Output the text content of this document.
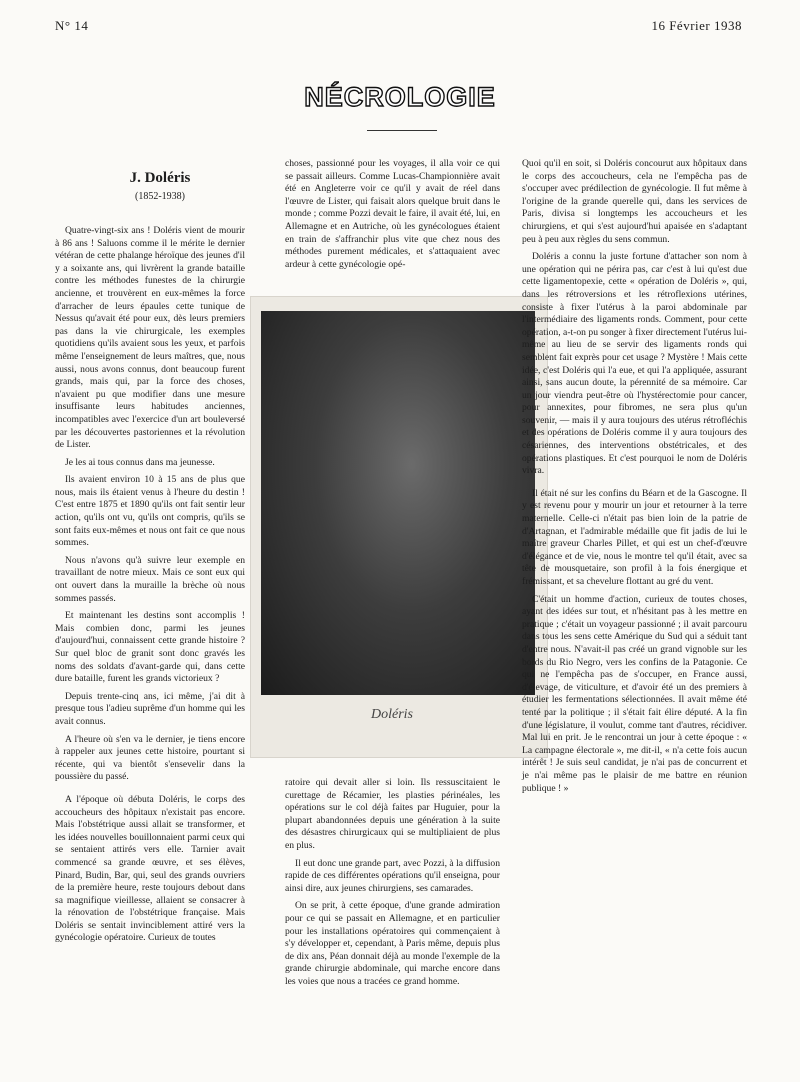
N° 14	16 Février 1938
NÉCROLOGIE
J. Doléris
(1852-1938)

Quatre-vingt-six ans ! Doléris vient de mourir à 86 ans ! Saluons comme il le mérite le dernier vétéran de cette phalange héroïque des jeunes d'il y a soixante ans, qui livrèrent la grande bataille contre les méthodes funestes de la chirurgie ancienne, et trouvèrent en eux-mêmes la force d'arracher de leurs épaules cette tunique de Nessus qu'avait été pour eux, dès leurs premiers pas dans la vie chirurgicale, les exemples quotidiens qu'ils avaient sous les yeux, et parfois même l'enseignement de leurs maîtres, que, nous aussi, nous avons connus, dont beaucoup furent grands, mais qui, par la force des choses, n'avaient pu que modifier dans une mesure insuffisante leurs habitudes anciennes, incompatibles avec l'exercice d'un art bouleversé par les découvertes pastoriennes et la révolution de Lister.

Je les ai tous connus dans ma jeunesse.

Ils avaient environ 10 à 15 ans de plus que nous, mais ils étaient venus à l'heure du destin ! C'est entre 1875 et 1890 qu'ils ont fait sentir leur action, qu'ils ont vu, qu'ils ont compris, qu'ils se sont faits eux-mêmes et nous ont fait ce que nous sommes.

Nous n'avons qu'à suivre leur exemple en travaillant de notre mieux. Mais ce sont eux qui ont ouvert dans la muraille la brèche où nous sommes passés.

Et maintenant les destins sont accomplis ! Mais combien donc, parmi les jeunes d'aujourd'hui, connaissent cette grande histoire ? Sur quel bloc de granit sont donc gravés les noms des soldats d'avant-garde qui, dans cette dure bataille, furent les grands victorieux ?

Depuis trente-cinq ans, ici même, j'ai dit à presque tous l'adieu suprême d'un homme qui les avait connus.

A l'heure où s'en va le dernier, je tiens encore à rappeler aux jeunes cette histoire, pourtant si récente, qui va bientôt s'ensevelir dans la poussière du passé.

A l'époque où débuta Doléris, le corps des accoucheurs des hôpitaux n'existait pas encore. Mais l'obstétrique aussi allait se transformer, et les idées nouvelles bouillonnaient parmi ceux qui se sentaient attirés vers elle. Tarnier avait commencé sa grande œuvre, et ses élèves, Pinard, Budin, Bar, qui, seul des grands ouvriers de la première heure, reste toujours debout dans sa magnifique vieillesse, allaient se consacrer à la rénovation de l'obstétrique française. Mais Doléris se sentait invinciblement attiré vers la gynécologie opératoire. Curieux de toutes

choses, passionné pour les voyages, il alla voir ce qui se passait ailleurs. Comme Lucas-Championnière avait été en Angleterre voir ce qu'il y avait de réel dans l'œuvre de Lister, qui faisait alors quelque bruit dans le monde ; comme Pozzi devait le faire, il avait été, lui, en Allemagne et en Autriche, où les gynécologues étaient en train de s'affranchir plus vite que chez nous des méthodes purement médicales, et s'attaquaient avec ardeur à cette gynécologie opé-

Doléris

ratoire qui devait aller si loin. Ils ressuscitaient le curettage de Récamier, les plasties périnéales, les opérations sur le col déjà faites par Huguier, pour la plupart abandonnées depuis une génération à la suite des désastres chirurgicaux qui se multipliaient de plus en plus.

Il eut donc une grande part, avec Pozzi, à la diffusion rapide de ces différentes opérations qu'il enseigna, pour ainsi dire, aux jeunes chirurgiens, ses camarades.

On se prit, à cette époque, d'une grande admiration pour ce qui se passait en Allemagne, et en particulier pour les installations opératoires qui commençaient à s'y développer et, cependant, à Paris même, depuis plus de dix ans, Péan donnait déjà au monde l'exemple de la grande chirurgie abdominale, qui marche encore dans les voies que nous a tracées ce grand homme.

Quoi qu'il en soit, si Doléris concourut aux hôpitaux dans le corps des accoucheurs, cela ne l'empêcha pas de s'occuper avec prédilection de gynécologie. Il fut même à l'origine de la grande querelle qui, dans les services de Paris, divisa si longtemps les accoucheurs et les chirurgiens, et qui s'est aujourd'hui apaisée en s'adaptant peu à peu aux règles du sens commun.

Doléris a connu la juste fortune d'attacher son nom à une opération qui ne périra pas, car c'est à lui qu'est due cette ligamentopexie, cette « opération de Doléris », qui, dans les rétroversions et les rétroflexions utérines, consiste à fixer l'utérus à la paroi abdominale par l'intermédiaire des ligaments ronds. Comment, pour cette opération, a-t-on pu songer à fixer directement l'utérus lui-même au lieu de se servir des ligaments ronds qui semblent fait exprès pour cet usage ? Mystère ! Mais cette idée, c'est Doléris qui l'a eue, et qui l'a appliquée, assurant ainsi, sans aucun doute, la pérennité de sa mémoire. Car un jour viendra peut-être où l'hystérectomie pour cancer, pour annexites, pour fibromes, ne sera plus qu'un souvenir, — mais il y aura toujours des utérus rétrofléchis et des opérations de Doléris comme il y aura toujours des césariennes, des interventions obstétricales, et des opérations plastiques. Et c'est pourquoi le nom de Doléris vivra.

Il était né sur les confins du Béarn et de la Gascogne. Il y est revenu pour y mourir un jour et retourner à la terre maternelle. Celle-ci n'était pas bien loin de la patrie de d'Artagnan, et l'admirable médaille que fit jadis de lui le maître graveur Charles Pillet, et qui est un chef-d'œuvre d'élégance et de vie, nous le montre tel qu'il était, avec sa tête de mousquetaire, son profil à la fois énergique et frémissant, et sa chevelure flottant au gré du vent.

C'était un homme d'action, curieux de toutes choses, ayant des idées sur tout, et n'hésitant pas à les mettre en pratique ; c'était un voyageur passionné ; il avait parcouru dans tous les sens cette Amérique du Sud qui a séduit tant d'entre nous. N'avait-il pas créé un grand vignoble sur les bords du Rio Negro, vers les confins de la Patagonie. Ce qui ne l'empêcha pas de s'occuper, en France aussi, d'élevage, de viticulture, et d'avoir été un des premiers à étudier les fermentations sélectionnées. Il avait même été tenté par la politique ; il s'était fait élire député. A la fin d'une législature, il voulut, comme tant d'autres, récidiver. Mal lui en prit. Je le rencontrai un jour à cette époque : « La campagne électorale », me dit-il, « n'a cette fois aucun intérêt ! Je suis seul candidat, je n'ai pas de concurrent et je n'ai même pas le plaisir de me battre en réunion publique ! »
